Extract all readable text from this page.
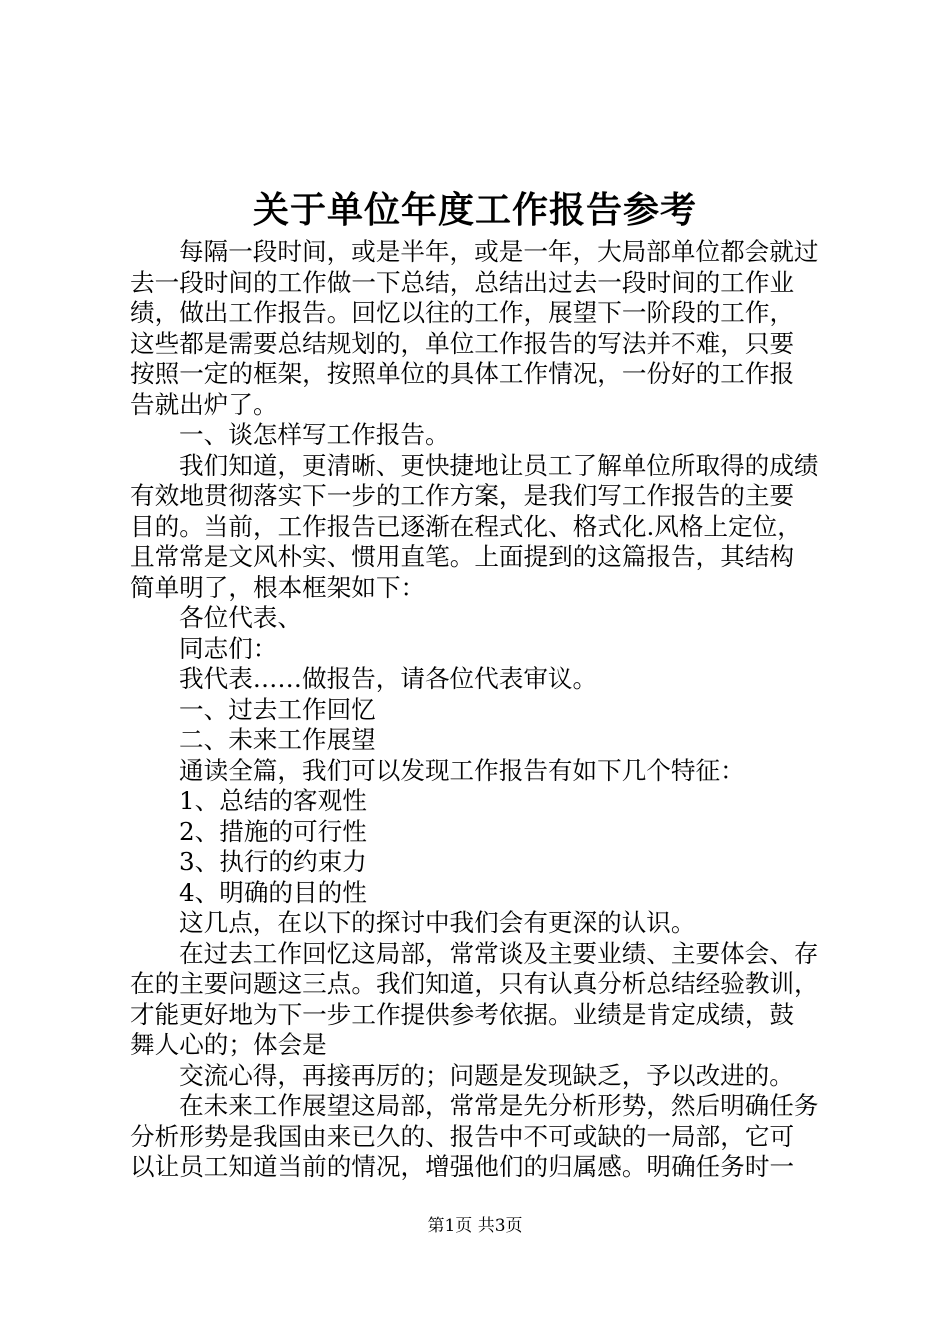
关于单位年度工作报告参考

每隔一段时间，或是半年，或是一年，大局部单位都会就过

去一段时间的工作做一下总结，总结出过去一段时间的工作业

绩，做出工作报告。回忆以往的工作，展望下一阶段的工作，

这些都是需要总结规划的，单位工作报告的写法并不难，只要

按照一定的框架，按照单位的具体工作情况，一份好的工作报

告就出炉了。

一、谈怎样写工作报告。

我们知道，更清晰、更快捷地让员工了解单位所取得的成绩

有效地贯彻落实下一步的工作方案，是我们写工作报告的主要

目的。当前，工作报告已逐渐在程式化、格式化.风格上定位，

且常常是文风朴实、惯用直笔。上面提到的这篇报告，其结构

简单明了，根本框架如下：

各位代表、

同志们：

我代表……做报告，请各位代表审议。

一、过去工作回忆

二、未来工作展望

通读全篇，我们可以发现工作报告有如下几个特征：

1、总结的客观性

2、措施的可行性

3、执行的约束力

4、明确的目的性

这几点，在以下的探讨中我们会有更深的认识。

在过去工作回忆这局部，常常谈及主要业绩、主要体会、存

在的主要问题这三点。我们知道，只有认真分析总结经验教训，

才能更好地为下一步工作提供参考依据。业绩是肯定成绩，鼓

舞人心的；体会是

交流心得，再接再厉的；问题是发现缺乏，予以改进的。

在未来工作展望这局部，常常是先分析形势，然后明确任务

分析形势是我国由来已久的、报告中不可或缺的一局部，它可

以让员工知道当前的情况，增强他们的归属感。明确任务时一

第1页 共3页
